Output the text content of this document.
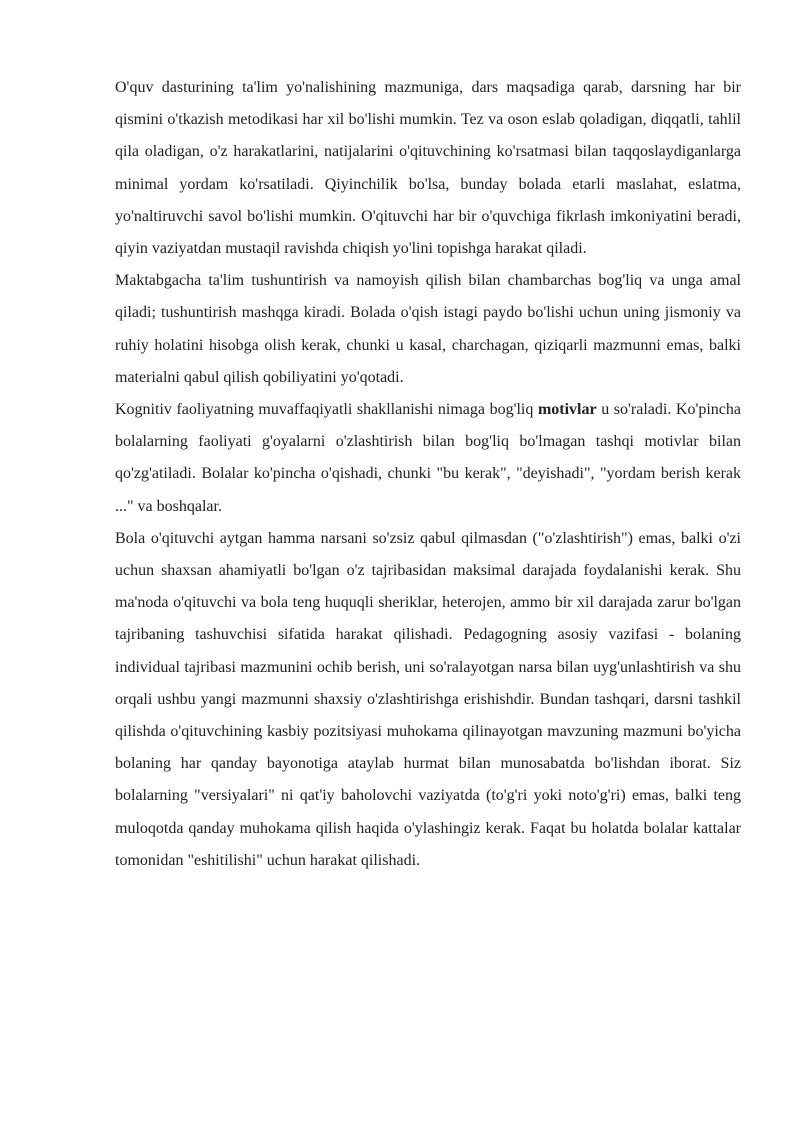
O'quv dasturining ta'lim yo'nalishining mazmuniga, dars maqsadiga qarab, darsning har bir qismini o'tkazish metodikasi har xil bo'lishi mumkin. Tez va oson eslab qoladigan, diqqatli, tahlil qila oladigan, o'z harakatlarini, natijalarini o'qituvchining ko'rsatmasi bilan taqqoslaydiganlarga minimal yordam ko'rsatiladi. Qiyinchilik bo'lsa, bunday bolada etarli maslahat, eslatma, yo'naltiruvchi savol bo'lishi mumkin. O'qituvchi har bir o'quvchiga fikrlash imkoniyatini beradi, qiyin vaziyatdan mustaqil ravishda chiqish yo'lini topishga harakat qiladi.

Maktabgacha ta'lim tushuntirish va namoyish qilish bilan chambarchas bog'liq va unga amal qiladi; tushuntirish mashqga kiradi. Bolada o'qish istagi paydo bo'lishi uchun uning jismoniy va ruhiy holatini hisobga olish kerak, chunki u kasal, charchagan, qiziqarli mazmunni emas, balki materialni qabul qilish qobiliyatini yo'qotadi.

Kognitiv faoliyatning muvaffaqiyatli shakllanishi nimaga bog'liq motivlar u so'raladi. Ko'pincha bolalarning faoliyati g'oyalarni o'zlashtirish bilan bog'liq bo'lmagan tashqi motivlar bilan qo'zg'atiladi. Bolalar ko'pincha o'qishadi, chunki "bu kerak", "deyishadi", "yordam berish kerak ..." va boshqalar.

Bola o'qituvchi aytgan hamma narsani so'zsiz qabul qilmasdan ("o'zlashtirish") emas, balki o'zi uchun shaxsan ahamiyatli bo'lgan o'z tajribasidan maksimal darajada foydalanishi kerak. Shu ma'noda o'qituvchi va bola teng huquqli sheriklar, heterojen, ammo bir xil darajada zarur bo'lgan tajribaning tashuvchisi sifatida harakat qilishadi. Pedagogning asosiy vazifasi - bolaning individual tajribasi mazmunini ochib berish, uni so'ralayotgan narsa bilan uyg'unlashtirish va shu orqali ushbu yangi mazmunni shaxsiy o'zlashtirishga erishishdir. Bundan tashqari, darsni tashkil qilishda o'qituvchining kasbiy pozitsiyasi muhokama qilinayotgan mavzuning mazmuni bo'yicha bolaning har qanday bayonotiga ataylab hurmat bilan munosabatda bo'lishdan iborat. Siz bolalarning "versiyalari" ni qat'iy baholovchi vaziyatda (to'g'ri yoki noto'g'ri) emas, balki teng muloqotda qanday muhokama qilish haqida o'ylashingiz kerak. Faqat bu holatda bolalar kattalar tomonidan "eshitilishi" uchun harakat qilishadi.
